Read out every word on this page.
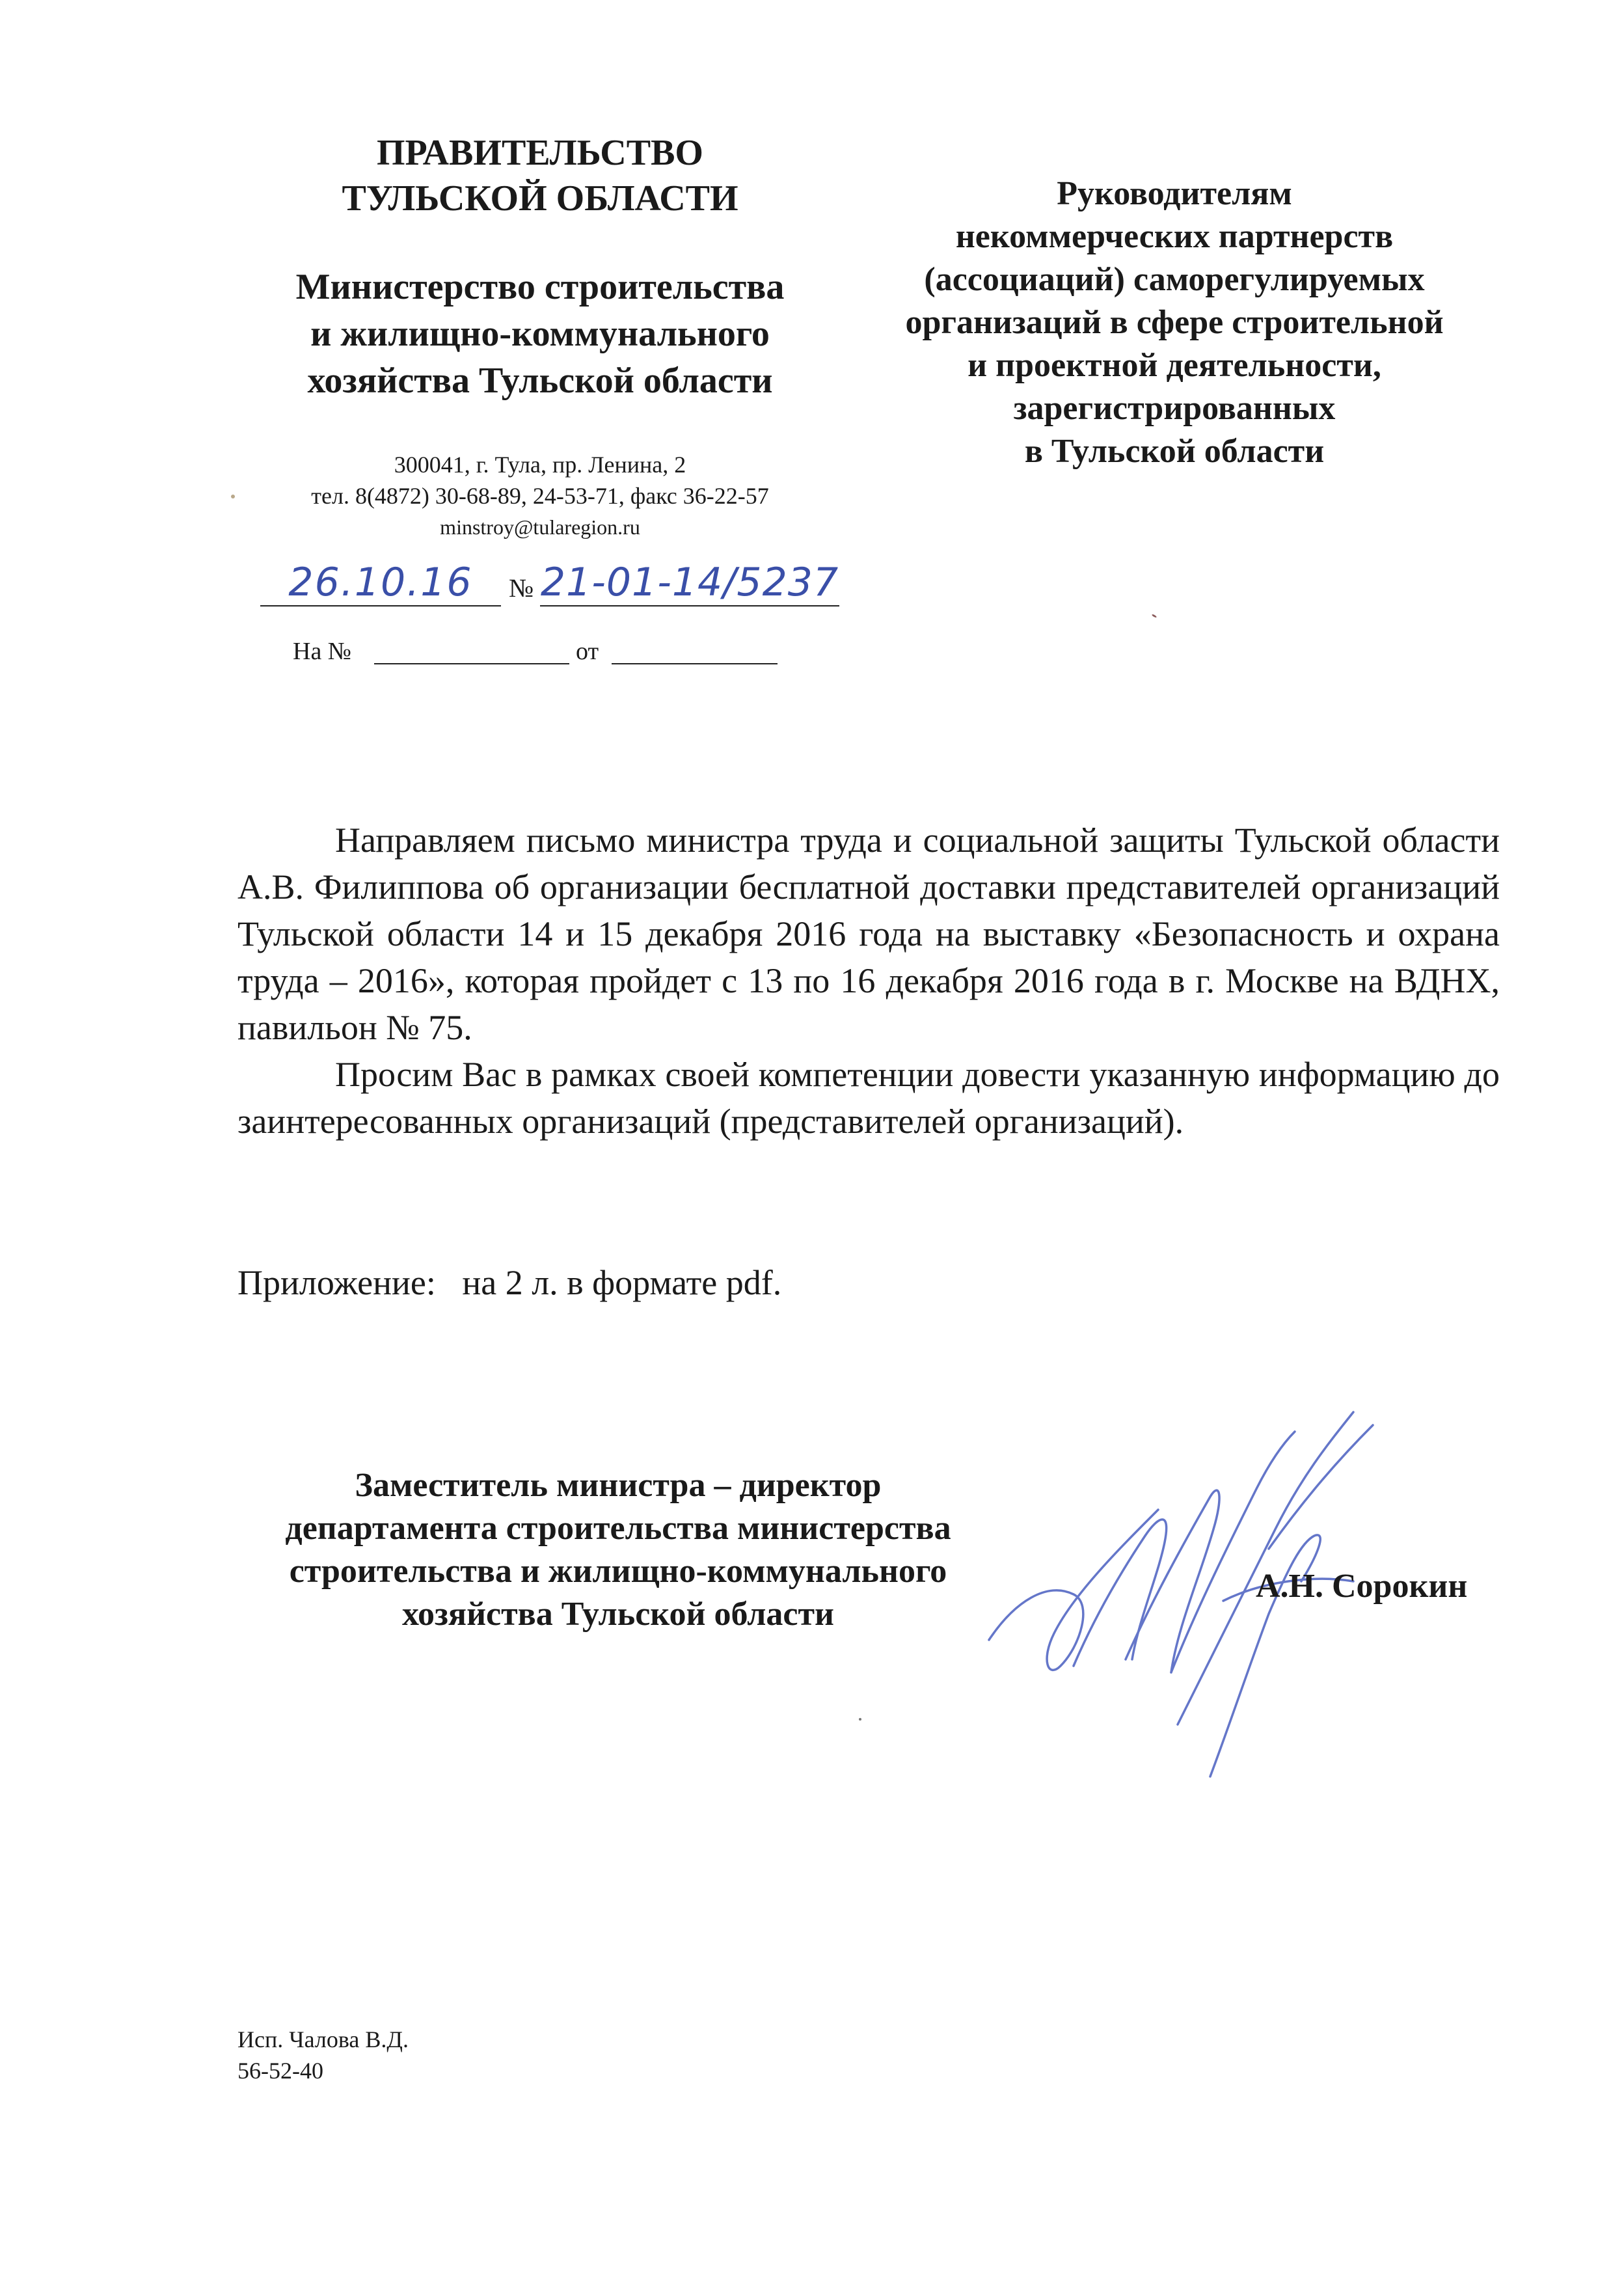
ПРАВИТЕЛЬСТВО
ТУЛЬСКОЙ ОБЛАСТИ
Министерство строительства
и жилищно-коммунального
хозяйства Тульской области
300041, г. Тула, пр. Ленина, 2
тел. 8(4872) 30-68-89, 24-53-71, факс 36-22-57
minstroy@tularegion.ru
26.10.16	№ 21-01-14/5237
На №	от
Руководителям
некоммерческих партнерств
(ассоциаций) саморегулируемых
организаций в сфере строительной
и проектной деятельности,
зарегистрированных
в Тульской области

Направляем письмо министра труда и социальной защиты Тульской области А.В. Филиппова об организации бесплатной доставки представителей организаций Тульской области 14 и 15 декабря 2016 года на выставку «Безопасность и охрана труда – 2016», которая пройдет с 13 по 16 декабря 2016 года в г. Москве на ВДНХ, павильон № 75.

Просим Вас в рамках своей компетенции довести указанную информацию до заинтересованных организаций (представителей организаций).

Приложение:   на 2 л. в формате pdf.
Заместитель министра – директор
департамента строительства министерства
строительства и жилищно-коммунального
хозяйства Тульской области
А.Н. Сорокин
Исп. Чалова В.Д.
56-52-40
